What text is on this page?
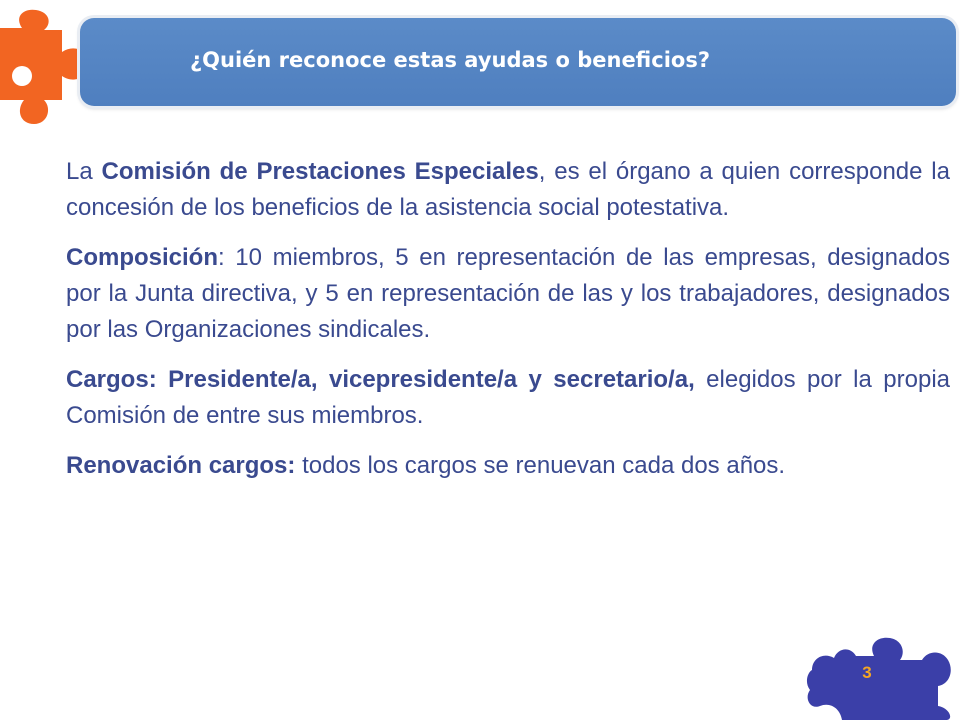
¿Quién reconoce estas ayudas o beneficios?

La Comisión de Prestaciones Especiales, es el órgano a quien corresponde la concesión de los beneficios de la asistencia social potestativa.

Composición: 10 miembros, 5 en representación de las empresas, designados por la Junta directiva, y 5 en representación de las y los trabajadores, designados por las Organizaciones sindicales.

Cargos: Presidente/a, vicepresidente/a y secretario/a, elegidos por la propia Comisión de entre sus miembros.

Renovación cargos: todos los cargos se renuevan cada dos años.

3
